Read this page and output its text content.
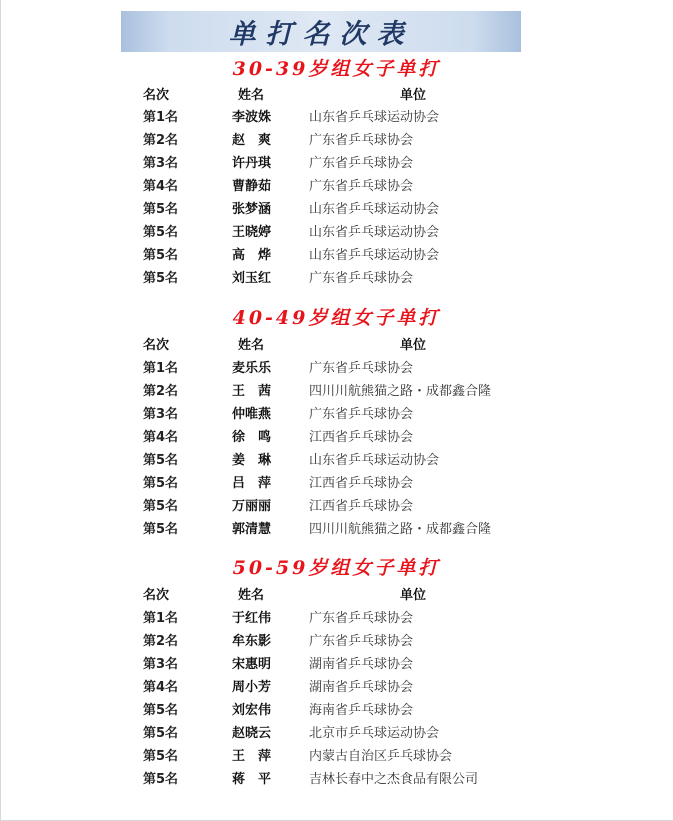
单打名次表
30-39岁组女子单打
名次	姓名	单位
第1名	李波姝	山东省乒乓球运动协会
第2名	赵　爽	广东省乒乓球协会
第3名	许丹琪	广东省乒乓球协会
第4名	曹静茹	广东省乒乓球协会
第5名	张梦涵	山东省乒乓球运动协会
第5名	王晓婷	山东省乒乓球运动协会
第5名	高　烨	山东省乒乓球运动协会
第5名	刘玉红	广东省乒乓球协会
40-49岁组女子单打
名次	姓名	单位
第1名	麦乐乐	广东省乒乓球协会
第2名	王　茜	四川川航熊猫之路・成都鑫合隆
第3名	仲唯燕	广东省乒乓球协会
第4名	徐　鸣	江西省乒乓球协会
第5名	姜　琳	山东省乒乓球运动协会
第5名	吕　萍	江西省乒乓球协会
第5名	万丽丽	江西省乒乓球协会
第5名	郭清慧	四川川航熊猫之路・成都鑫合隆
50-59岁组女子单打
名次	姓名	单位
第1名	于红伟	广东省乒乓球协会
第2名	牟东影	广东省乒乓球协会
第3名	宋惠明	湖南省乒乓球协会
第4名	周小芳	湖南省乒乓球协会
第5名	刘宏伟	海南省乒乓球协会
第5名	赵晓云	北京市乒乓球运动协会
第5名	王　萍	内蒙古自治区乒乓球协会
第5名	蒋　平	吉林长春中之杰食品有限公司
